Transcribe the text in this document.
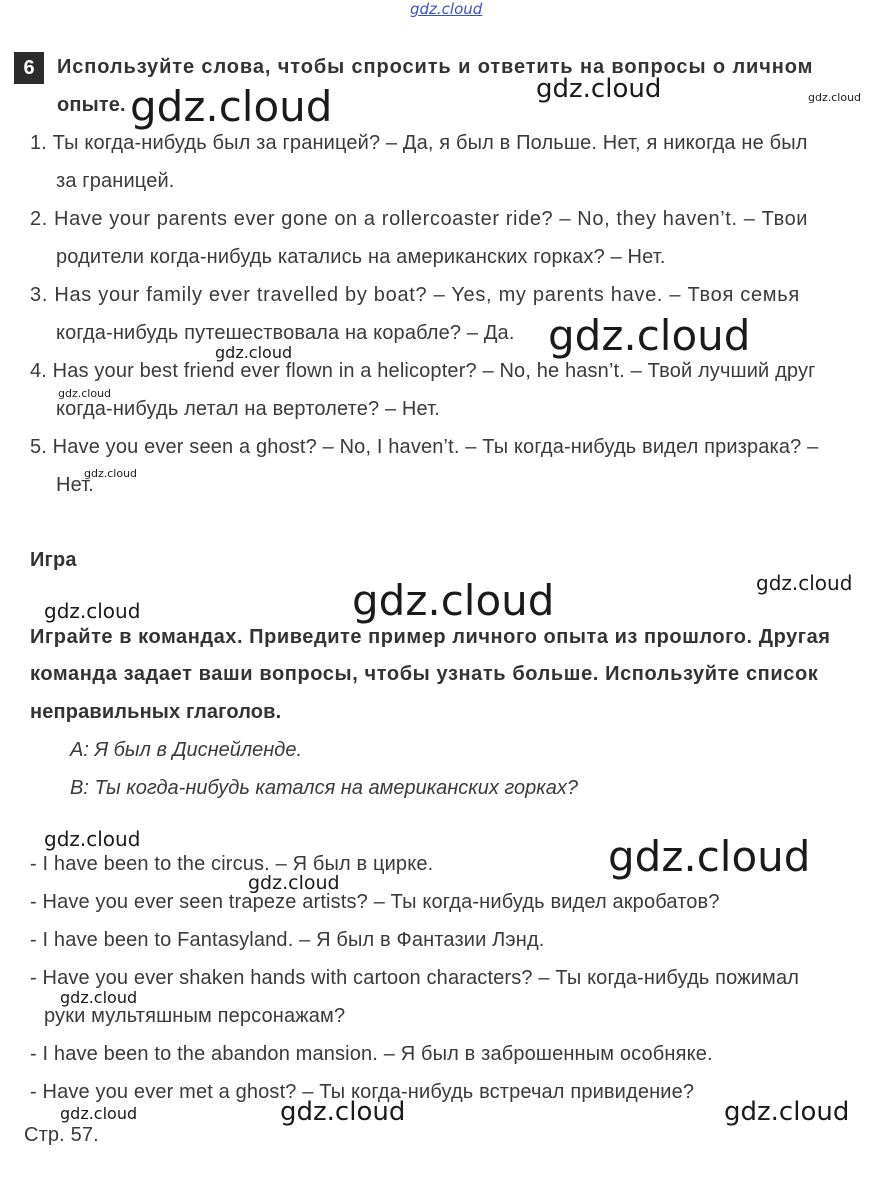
gdz.cloud
6	Используйте слова, чтобы спросить и ответить на вопросы о личном
опыте.
1. Ты когда-нибудь был за границей? – Да, я был в Польше. Нет, я никогда не был
за границей.
2. Have your parents ever gone on a rollercoaster ride? – No, they haven’t. – Твои
родители когда-нибудь катались на американских горках? – Нет.
3. Has your family ever travelled by boat? – Yes, my parents have. – Твоя семья
когда-нибудь путешествовала на корабле? – Да.
4. Has your best friend ever flown in a helicopter? – No, he hasn’t. – Твой лучший друг
когда-нибудь летал на вертолете? – Нет.
5. Have you ever seen a ghost? – No, I haven’t. – Ты когда-нибудь видел призрака? –
Нет.
Игра
Играйте в командах. Приведите пример личного опыта из прошлого. Другая
команда задает ваши вопросы, чтобы узнать больше. Используйте список
неправильных глаголов.
А: Я был в Диснейленде.
В: Ты когда-нибудь катался на американских горках?
- I have been to the circus. – Я был в цирке.
- Have you ever seen trapeze artists? – Ты когда-нибудь видел акробатов?
- I have been to Fantasyland. – Я был в Фантазии Лэнд.
- Have you ever shaken hands with cartoon characters? – Ты когда-нибудь пожимал
руки мультяшным персонажам?
- I have been to the abandon mansion. – Я был в заброшенным особняке.
- Have you ever met a ghost? – Ты когда-нибудь встречал привидение?
Стр. 57.
gdz.cloud	gdz.cloud	gdz.cloud
gdz.cloud
gdz.cloud
gdz.cloud
gdz.cloud
gdz.cloud	gdz.cloud
gdz.cloud
gdz.cloud	gdz.cloud
gdz.cloud
gdz.cloud
gdz.cloud	gdz.cloud
gdz.cloud
